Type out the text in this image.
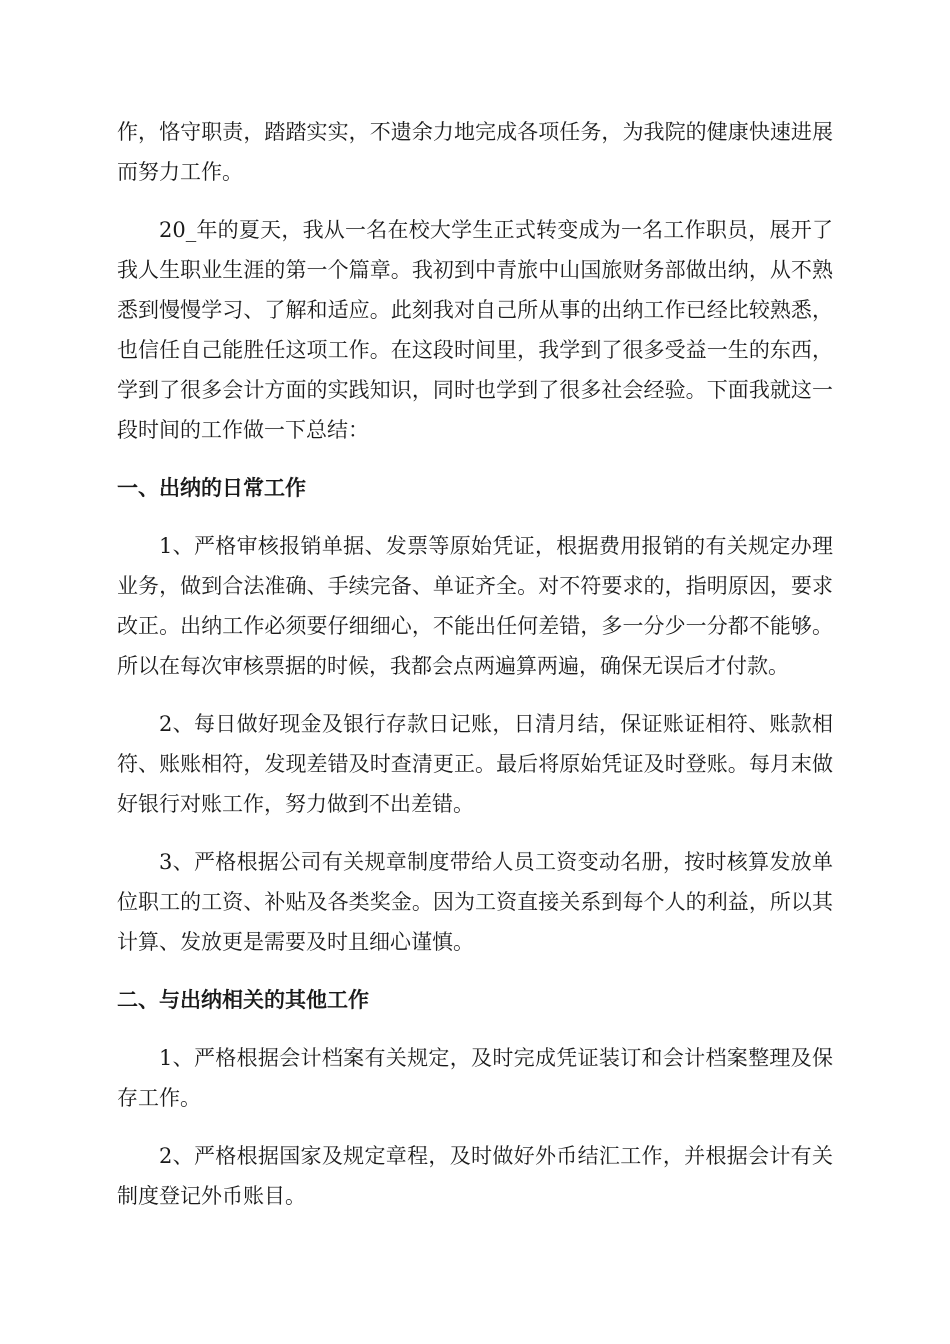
作，恪守职责，踏踏实实，不遗余力地完成各项任务，为我院的健康快速进展而努力工作。

20_年的夏天，我从一名在校大学生正式转变成为一名工作职员，展开了我人生职业生涯的第一个篇章。我初到中青旅中山国旅财务部做出纳，从不熟悉到慢慢学习、了解和适应。此刻我对自己所从事的出纳工作已经比较熟悉，也信任自己能胜任这项工作。在这段时间里，我学到了很多受益一生的东西，学到了很多会计方面的实践知识，同时也学到了很多社会经验。下面我就这一段时间的工作做一下总结：

一、出纳的日常工作

1、严格审核报销单据、发票等原始凭证，根据费用报销的有关规定办理业务，做到合法准确、手续完备、单证齐全。对不符要求的，指明原因，要求改正。出纳工作必须要仔细细心，不能出任何差错，多一分少一分都不能够。所以在每次审核票据的时候，我都会点两遍算两遍，确保无误后才付款。

2、每日做好现金及银行存款日记账，日清月结，保证账证相符、账款相符、账账相符，发现差错及时查清更正。最后将原始凭证及时登账。每月末做好银行对账工作，努力做到不出差错。

3、严格根据公司有关规章制度带给人员工资变动名册，按时核算发放单位职工的工资、补贴及各类奖金。因为工资直接关系到每个人的利益，所以其计算、发放更是需要及时且细心谨慎。

二、与出纳相关的其他工作

1、严格根据会计档案有关规定，及时完成凭证装订和会计档案整理及保存工作。

2、严格根据国家及规定章程，及时做好外币结汇工作，并根据会计有关制度登记外币账目。
